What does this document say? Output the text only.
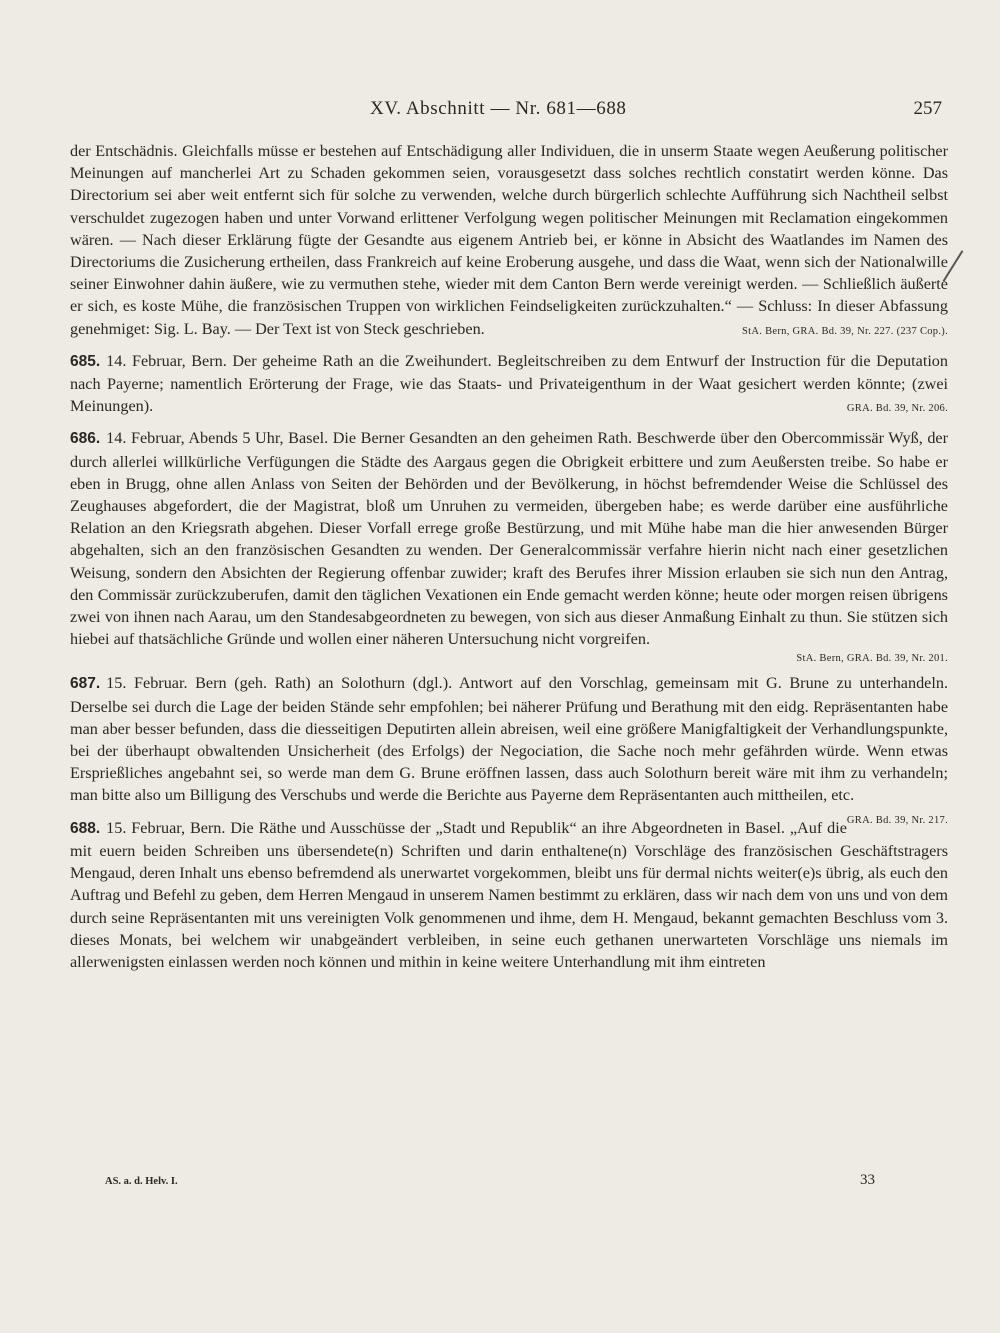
XV. Abschnitt — Nr. 681—688	257

der Entschädnis. Gleichfalls müsse er bestehen auf Entschädigung aller Individuen, die in unserm Staate wegen Aeußerung politischer Meinungen auf mancherlei Art zu Schaden gekommen seien, vorausgesetzt dass solches rechtlich constatirt werden könne. Das Directorium sei aber weit entfernt sich für solche zu verwenden, welche durch bürgerlich schlechte Aufführung sich Nachtheil selbst verschuldet zugezogen haben und unter Vorwand erlittener Verfolgung wegen politischer Meinungen mit Reclamation eingekommen wären. — Nach dieser Erklärung fügte der Gesandte aus eigenem Antrieb bei, er könne in Absicht des Waatlandes im Namen des Directoriums die Zusicherung ertheilen, dass Frankreich auf keine Eroberung ausgehe, und dass die Waat, wenn sich der Nationalwille seiner Einwohner dahin äußere, wie zu vermuthen stehe, wieder mit dem Canton Bern werde vereinigt werden. — Schließlich äußerte er sich, es koste Mühe, die französischen Truppen von wirklichen Feindseligkeiten zurückzuhalten.“ — Schluss: In dieser Abfassung genehmiget: Sig. L. Bay. — Der Text ist von Steck geschrieben.	StA. Bern, GRA. Bd. 39, Nr. 227. (237 Cop.).

685. 14. Februar, Bern. Der geheime Rath an die Zweihundert. Begleitschreiben zu dem Entwurf der Instruction für die Deputation nach Payerne; namentlich Erörterung der Frage, wie das Staats- und Privateigenthum in der Waat gesichert werden könnte; (zwei Meinungen).	GRA. Bd. 39, Nr. 206.

686. 14. Februar, Abends 5 Uhr, Basel. Die Berner Gesandten an den geheimen Rath. Beschwerde über den Obercommissär Wyß, der durch allerlei willkürliche Verfügungen die Städte des Aargaus gegen die Obrigkeit erbittere und zum Aeußersten treibe. So habe er eben in Brugg, ohne allen Anlass von Seiten der Behörden und der Bevölkerung, in höchst befremdender Weise die Schlüssel des Zeughauses abgefordert, die der Magistrat, bloß um Unruhen zu vermeiden, übergeben habe; es werde darüber eine ausführliche Relation an den Kriegsrath abgehen. Dieser Vorfall errege große Bestürzung, und mit Mühe habe man die hier anwesenden Bürger abgehalten, sich an den französischen Gesandten zu wenden. Der Generalcommissär verfahre hierin nicht nach einer gesetzlichen Weisung, sondern den Absichten der Regierung offenbar zuwider; kraft des Berufes ihrer Mission erlauben sie sich nun den Antrag, den Commissär zurückzuberufen, damit den täglichen Vexationen ein Ende gemacht werden könne; heute oder morgen reisen übrigens zwei von ihnen nach Aarau, um den Standesabgeordneten zu bewegen, von sich aus dieser Anmaßung Einhalt zu thun. Sie stützen sich hiebei auf thatsächliche Gründe und wollen einer näheren Untersuchung nicht vorgreifen.

StA. Bern, GRA. Bd. 39, Nr. 201.

687. 15. Februar. Bern (geh. Rath) an Solothurn (dgl.). Antwort auf den Vorschlag, gemeinsam mit G. Brune zu unterhandeln. Derselbe sei durch die Lage der beiden Stände sehr empfohlen; bei näherer Prüfung und Berathung mit den eidg. Repräsentanten habe man aber besser befunden, dass die diesseitigen Deputirten allein abreisen, weil eine größere Manigfaltigkeit der Verhandlungspunkte, bei der überhaupt obwaltenden Unsicherheit (des Erfolgs) der Negociation, die Sache noch mehr gefährden würde. Wenn etwas Ersprießliches angebahnt sei, so werde man dem G. Brune eröffnen lassen, dass auch Solothurn bereit wäre mit ihm zu verhandeln; man bitte also um Billigung des Verschubs und werde die Berichte aus Payerne dem Repräsentanten auch mittheilen, etc.
GRA. Bd. 39, Nr. 217.

688. 15. Februar, Bern. Die Räthe und Ausschüsse der „Stadt und Republik“ an ihre Abgeordneten in Basel. „Auf die mit euern beiden Schreiben uns übersendete(n) Schriften und darin enthaltene(n) Vorschläge des französischen Geschäftstragers Mengaud, deren Inhalt uns ebenso befremdend als unerwartet vorgekommen, bleibt uns für dermal nichts weiter(e)s übrig, als euch den Auftrag und Befehl zu geben, dem Herren Mengaud in unserem Namen bestimmt zu erklären, dass wir nach dem von uns und von dem durch seine Repräsentanten mit uns vereinigten Volk genommenen und ihme, dem H. Mengaud, bekannt gemachten Beschluss vom 3. dieses Monats, bei welchem wir unabgeändert verbleiben, in seine euch gethanen unerwarteten Vorschläge uns niemals im allerwenigsten einlassen werden noch können und mithin in keine weitere Unterhandlung mit ihm eintreten

AS. a. d. Helv. I.	33
